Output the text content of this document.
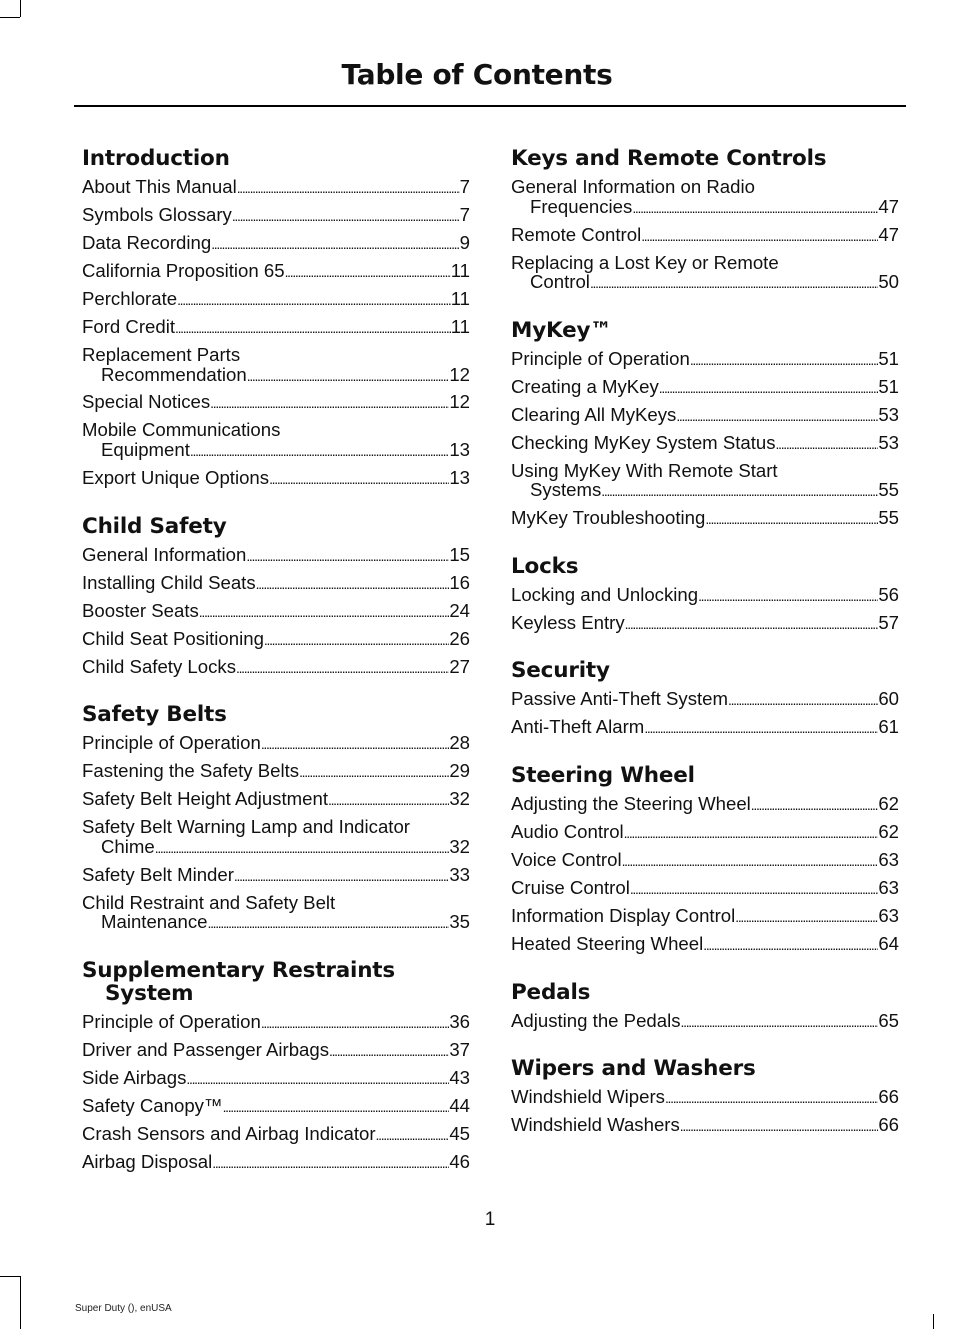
Table of Contents
Introduction
About This Manual . . .	7
Symbols Glossary . . .	7
Data Recording . . .	9
California Proposition 65 . . .	11
Perchlorate . . .	11
Ford Credit . . .	11
Replacement Parts
Recommendation . . .	12
Special Notices . . .	12
Mobile Communications
Equipment . . .	13
Export Unique Options . . .	13
Child Safety
General Information . . .	15
Installing Child Seats . . .	16
Booster Seats . . .	24
Child Seat Positioning . . .	26
Child Safety Locks . . .	27
Safety Belts
Principle of Operation . . .	28
Fastening the Safety Belts . . .	29
Safety Belt Height Adjustment . . .	32
Safety Belt Warning Lamp and Indicator
Chime . . .	32
Safety Belt Minder . . .	33
Child Restraint and Safety Belt
Maintenance . . .	35
Supplementary Restraints System
Principle of Operation . . .	36
Driver and Passenger Airbags . . .	37
Side Airbags . . .	43
Safety Canopy™ . . .	44
Crash Sensors and Airbag Indicator . . .	45
Airbag Disposal . . .	46
Keys and Remote Controls
General Information on Radio
Frequencies . . .	47
Remote Control . . .	47
Replacing a Lost Key or Remote
Control . . .	50
MyKey™
Principle of Operation . . .	51
Creating a MyKey . . .	51
Clearing All MyKeys . . .	53
Checking MyKey System Status . . .	53
Using MyKey With Remote Start
Systems . . .	55
MyKey Troubleshooting . . .	55
Locks
Locking and Unlocking . . .	56
Keyless Entry . . .	57
Security
Passive Anti-Theft System . . .	60
Anti-Theft Alarm . . .	61
Steering Wheel
Adjusting the Steering Wheel . . .	62
Audio Control . . .	62
Voice Control . . .	63
Cruise Control . . .	63
Information Display Control . . .	63
Heated Steering Wheel . . .	64
Pedals
Adjusting the Pedals . . .	65
Wipers and Washers
Windshield Wipers . . .	66
Windshield Washers . . .	66
1
Super Duty (), enUSA
